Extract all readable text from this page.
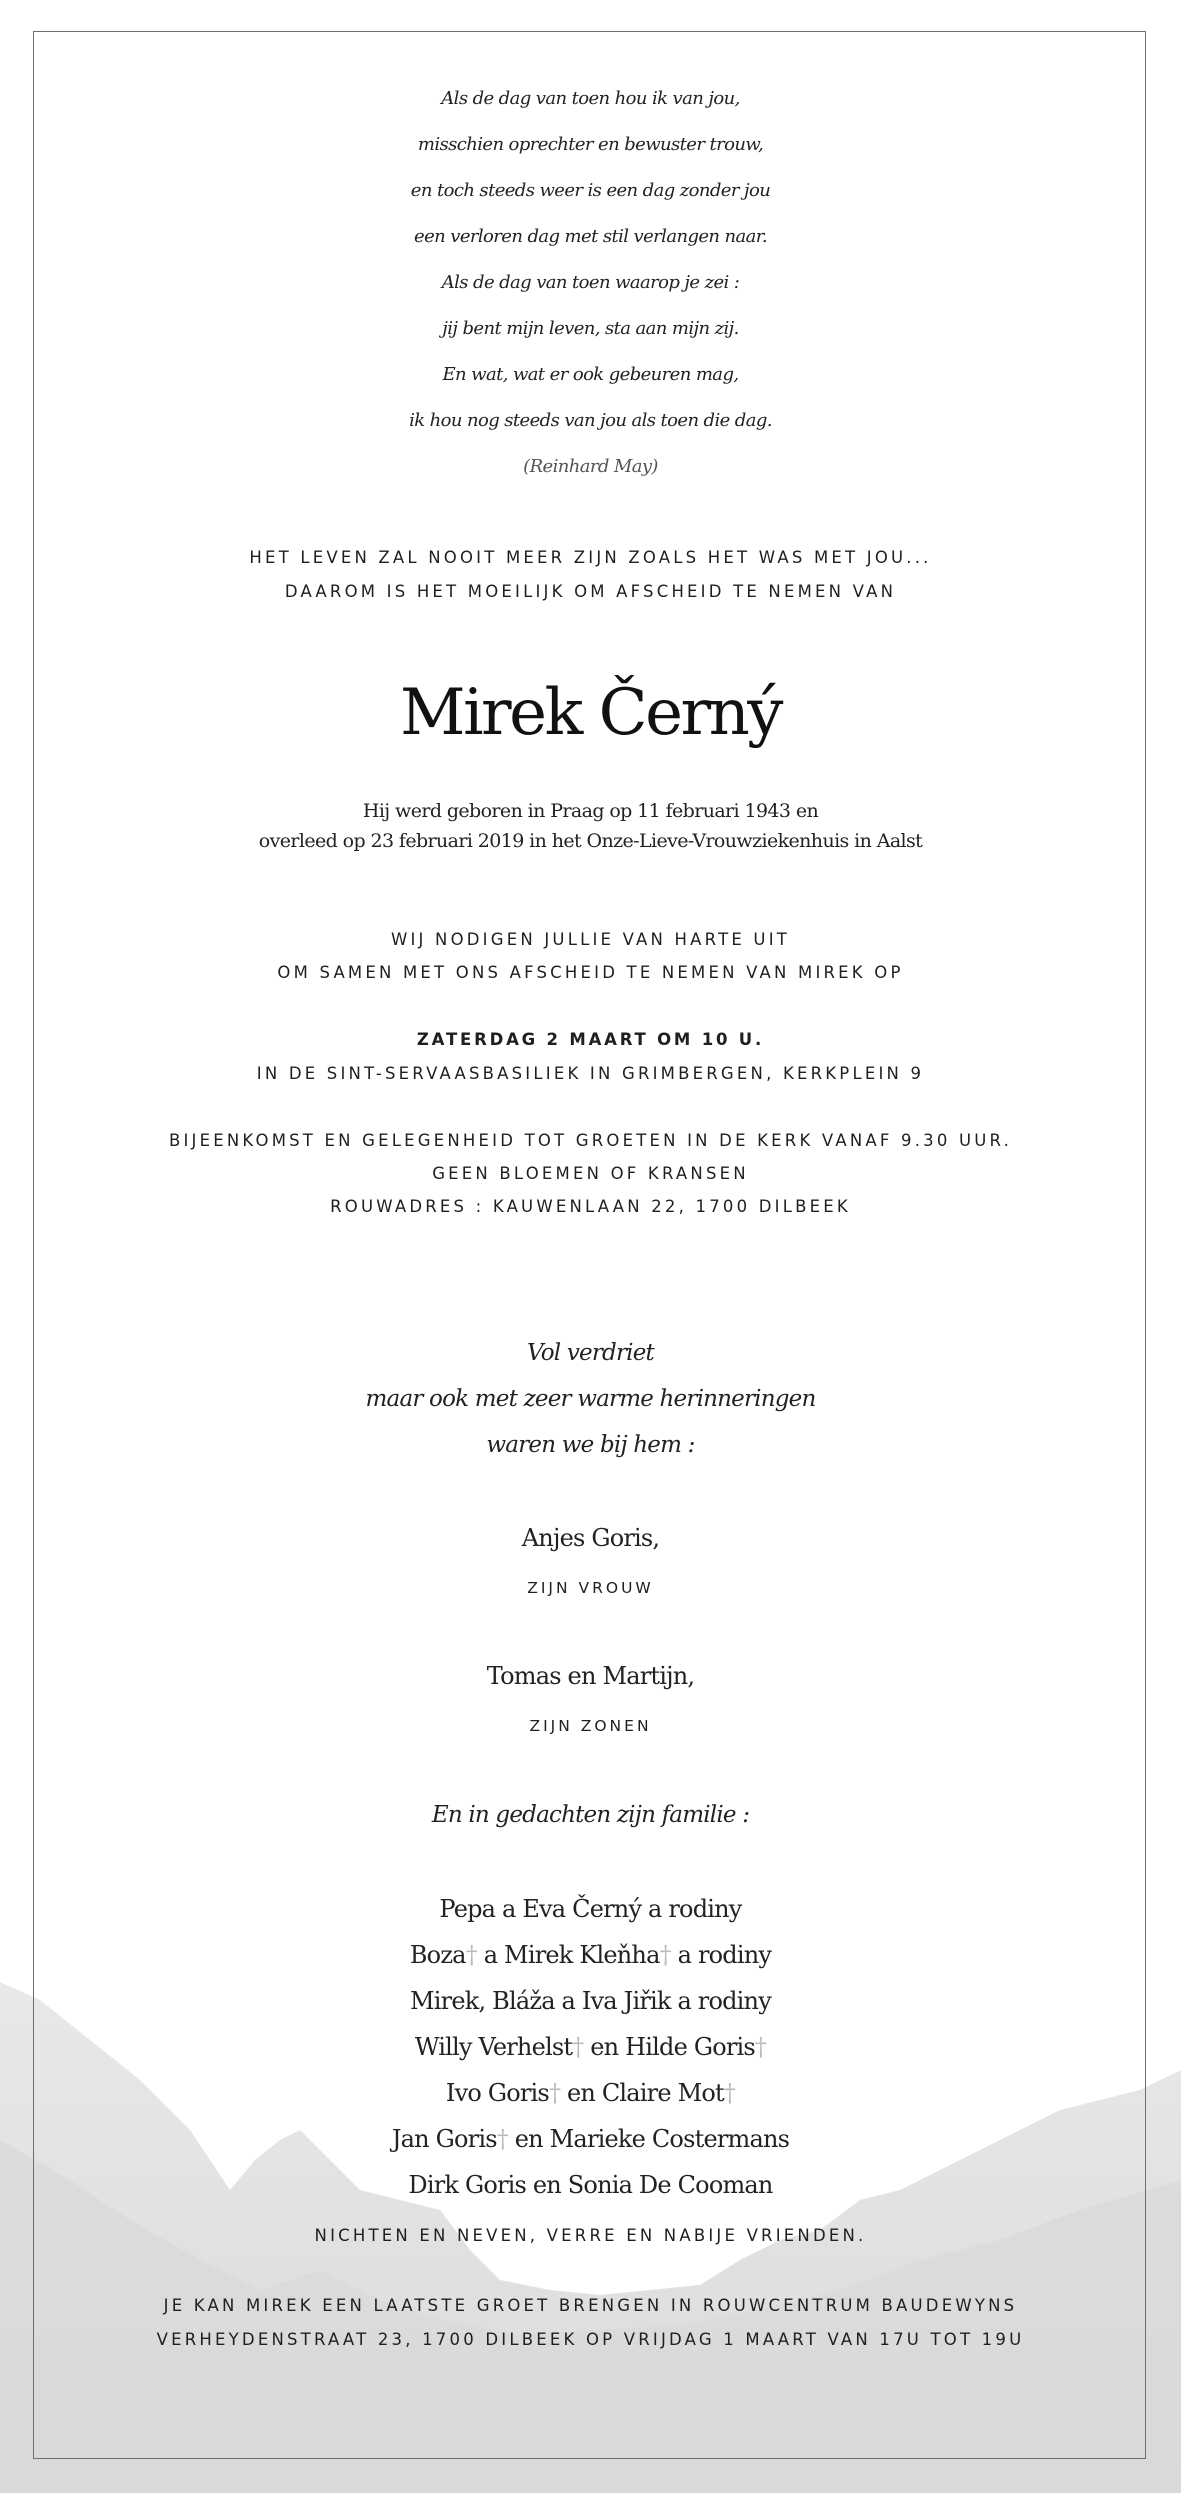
Als de dag van toen hou ik van jou,
misschien oprechter en bewuster trouw,
en toch steeds weer is een dag zonder jou
een verloren dag met stil verlangen naar.
Als de dag van toen waarop je zei :
jij bent mijn leven, sta aan mijn zij.
En wat, wat er ook gebeuren mag,
ik hou nog steeds van jou als toen die dag.
(Reinhard May)
HET LEVEN ZAL NOOIT MEER ZIJN ZOALS HET WAS MET JOU...
DAAROM IS HET MOEILIJK OM AFSCHEID TE NEMEN VAN
Mirek Černý
Hij werd geboren in Praag op 11 februari 1943 en
overleed op 23 februari 2019 in het Onze-Lieve-Vrouwziekenhuis in Aalst
WIJ NODIGEN JULLIE VAN HARTE UIT
OM SAMEN MET ONS AFSCHEID TE NEMEN VAN MIREK OP
ZATERDAG 2 MAART OM 10 U.
IN DE SINT-SERVAASBASILIEK IN GRIMBERGEN, KERKPLEIN 9
BIJEENKOMST EN GELEGENHEID TOT GROETEN IN DE KERK VANAF 9.30 UUR.
GEEN BLOEMEN OF KRANSEN
ROUWADRES : KAUWENLAAN 22, 1700 DILBEEK
Vol verdriet
maar ook met zeer warme herinneringen
waren we bij hem :
Anjes Goris,
ZIJN VROUW
Tomas en Martijn,
ZIJN ZONEN
En in gedachten zijn familie :
Pepa a Eva Černý a rodiny
Boza† a Mirek Kleňha† a rodiny
Mirek, Bláža a Iva Jiřik a rodiny
Willy Verhelst† en Hilde Goris†
Ivo Goris† en Claire Mot†
Jan Goris† en Marieke Costermans
Dirk Goris en Sonia De Cooman
NICHTEN EN NEVEN, VERRE EN NABIJE VRIENDEN.
JE KAN MIREK EEN LAATSTE GROET BRENGEN IN ROUWCENTRUM BAUDEWYNS
VERHEYDENSTRAAT 23, 1700 DILBEEK OP VRIJDAG 1 MAART VAN 17U TOT 19U
